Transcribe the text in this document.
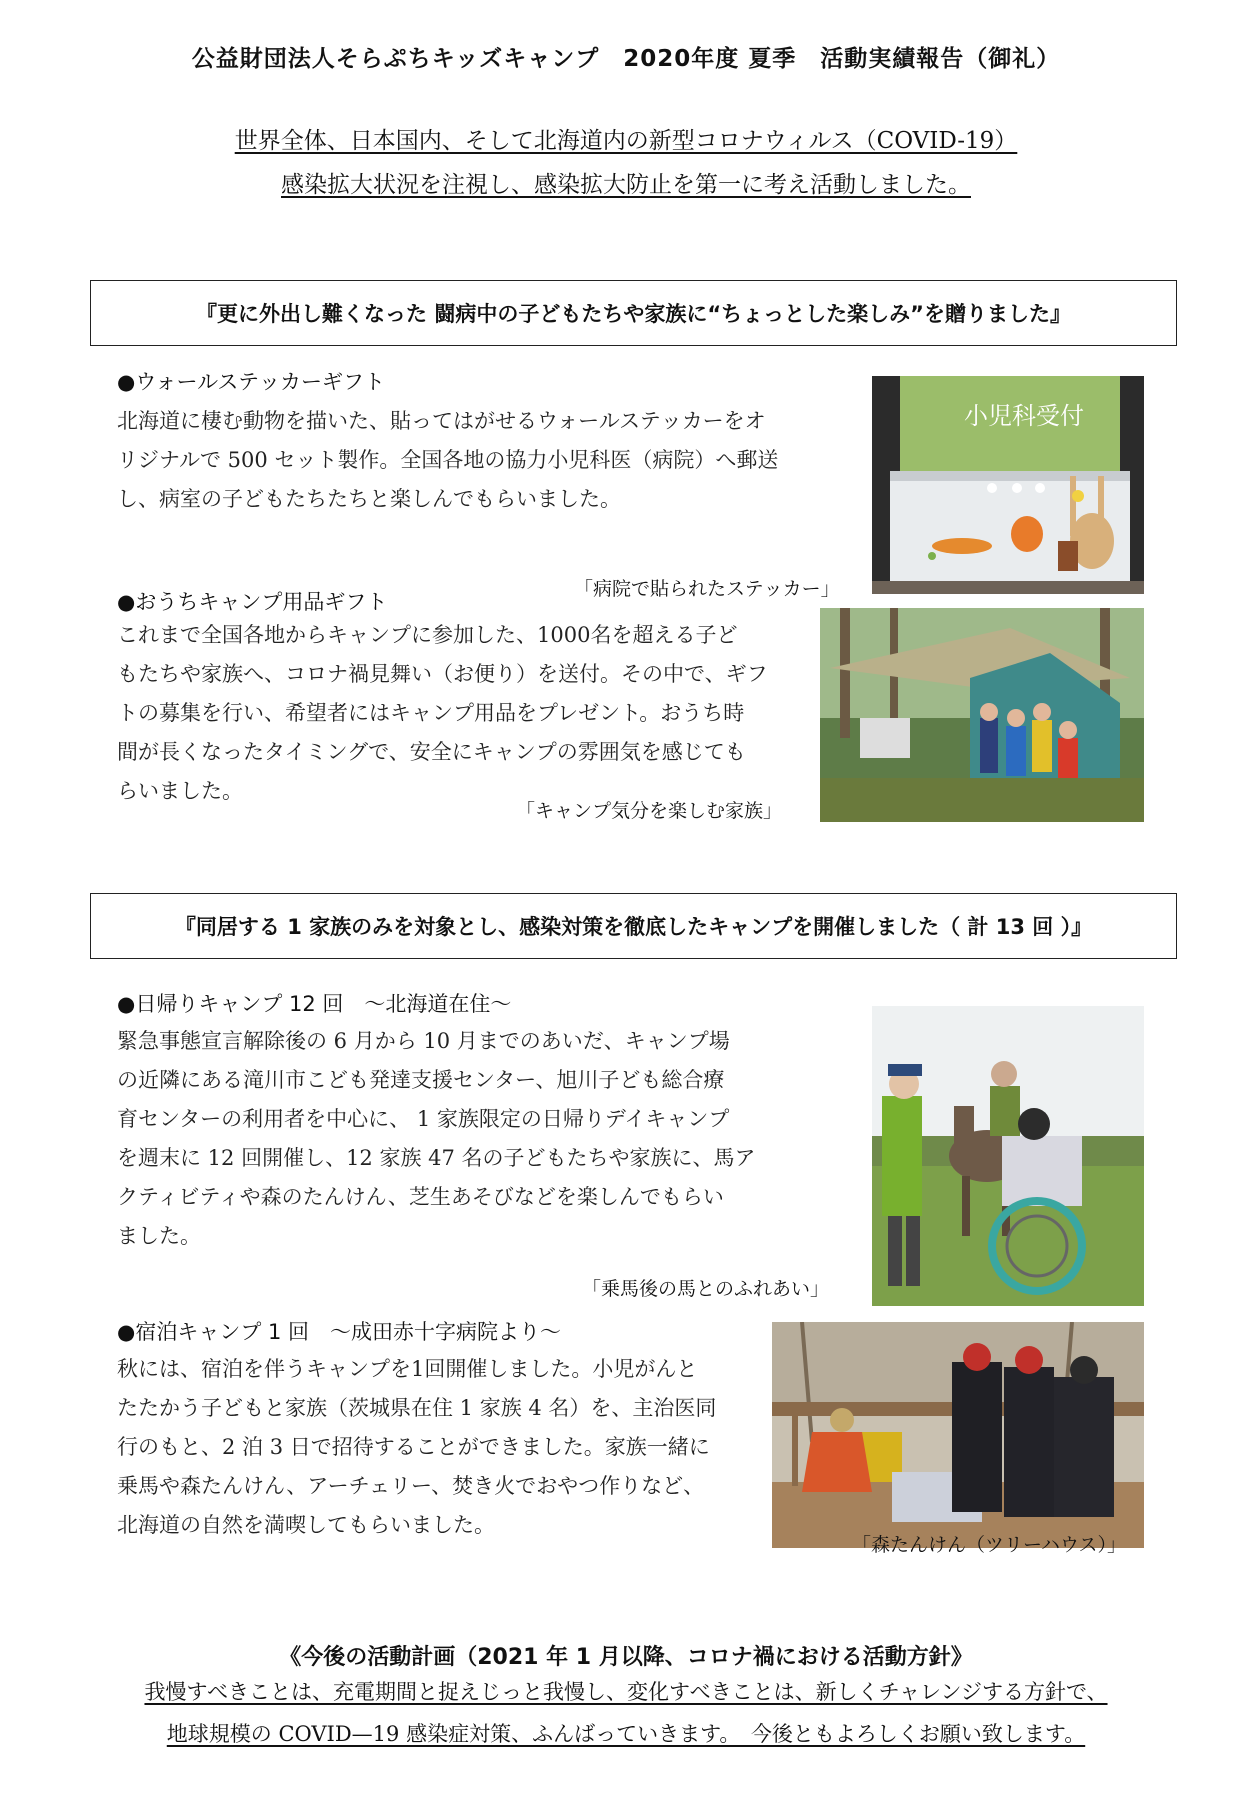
公益財団法人そらぷちキッズキャンプ　2020年度 夏季　活動実績報告（御礼）
世界全体、日本国内、そして北海道内の新型コロナウィルス（COVID-19）
感染拡大状況を注視し、感染拡大防止を第一に考え活動しました。
『更に外出し難くなった 闘病中の子どもたちや家族に“ちょっとした楽しみ”を贈りました』
●ウォールステッカーギフト
北海道に棲む動物を描いた、貼ってはがせるウォールステッカーをオ
リジナルで 500 セット製作。全国各地の協力小児科医（病院）へ郵送
し、病室の子どもたちたちと楽しんでもらいました。
小児科受付
「病院で貼られたステッカー」
●おうちキャンプ用品ギフト
これまで全国各地からキャンプに参加した、1000名を超える子ど
もたちや家族へ、コロナ禍見舞い（お便り）を送付。その中で、ギフ
トの募集を行い、希望者にはキャンプ用品をプレゼント。おうち時
間が長くなったタイミングで、安全にキャンプの雰囲気を感じても
らいました。
「キャンプ気分を楽しむ家族」
『同居する 1 家族のみを対象とし、感染対策を徹底したキャンプを開催しました（ 計 13 回 ）』
●日帰りキャンプ 12 回　～北海道在住～
緊急事態宣言解除後の 6 月から 10 月までのあいだ、キャンプ場
の近隣にある滝川市こども発達支援センター、旭川子ども総合療
育センターの利用者を中心に、 1 家族限定の日帰りデイキャンプ
を週末に 12 回開催し、12 家族 47 名の子どもたちや家族に、馬ア
クティビティや森のたんけん、芝生あそびなどを楽しんでもらい
ました。
「乗馬後の馬とのふれあい」
●宿泊キャンプ 1 回　～成田赤十字病院より～
秋には、宿泊を伴うキャンプを1回開催しました。小児がんと
たたかう子どもと家族（茨城県在住 1 家族 4 名）を、主治医同
行のもと、2 泊 3 日で招待することができました。家族一緒に
乗馬や森たんけん、アーチェリー、焚き火でおやつ作りなど、
北海道の自然を満喫してもらいました。
「森たんけん（ツリーハウス）」
《今後の活動計画（2021 年 1 月以降、コロナ禍における活動方針》
我慢すべきことは、充電期間と捉えじっと我慢し、変化すべきことは、新しくチャレンジする方針で、
地球規模の COVID—19 感染症対策、ふんばっていきます。　今後ともよろしくお願い致します。
